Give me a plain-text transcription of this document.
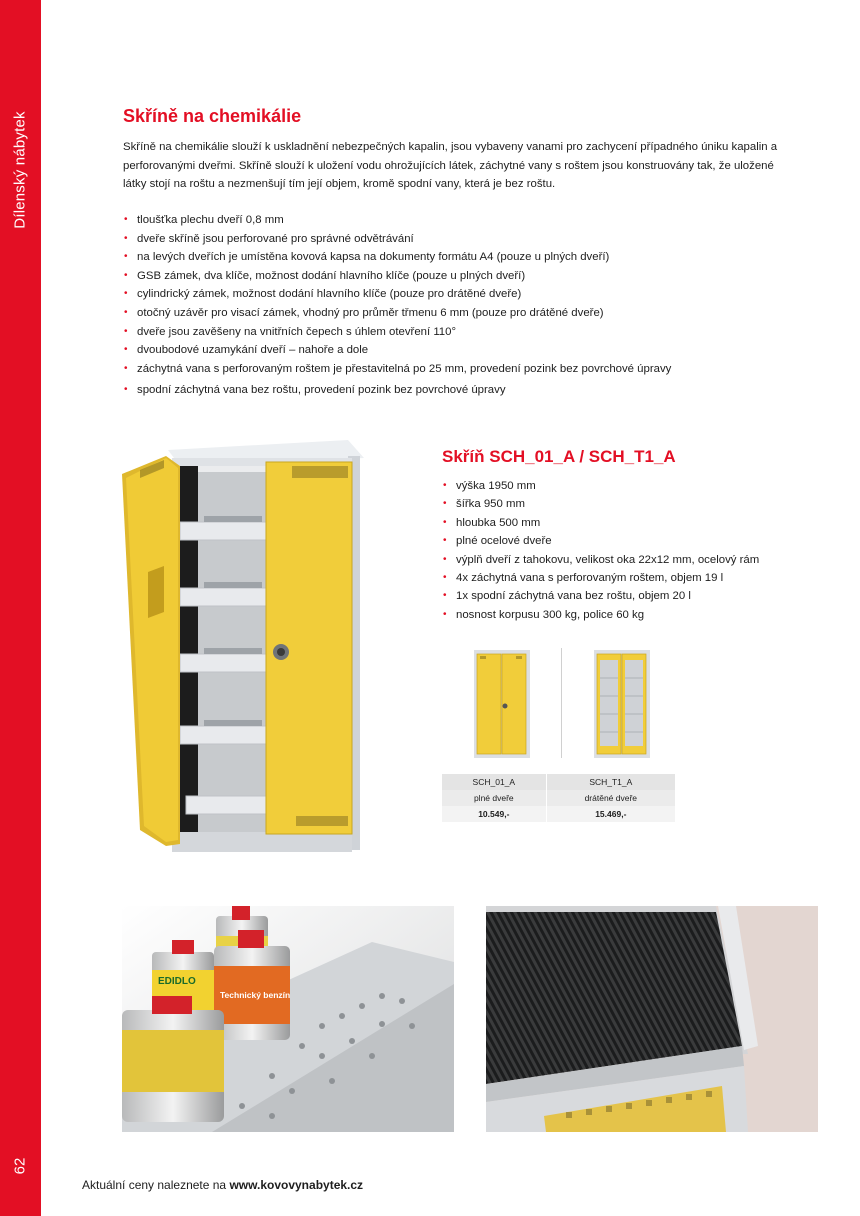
Dílenský nábytek
62
Skříně na chemikálie
Skříně na chemikálie slouží k uskladnění nebezpečných kapalin, jsou vybaveny vanami pro zachycení případného úniku kapalin a perforovanými dveřmi. Skříně slouží k uložení vodu ohrožujících látek, záchytné vany s roštem jsou konstruovány tak, že uložené látky stojí na roštu a nezmenšují tím její objem, kromě spodní vany, která je bez roštu.
• tloušťka plechu dveří 0,8 mm
• dveře skříně jsou perforované pro správné odvětrávání
• na levých dveřích je umístěna kovová kapsa na dokumenty formátu A4 (pouze u plných dveří)
• GSB zámek, dva klíče, možnost dodání hlavního klíče (pouze u plných dveří)
• cylindrický zámek, možnost dodání hlavního klíče (pouze pro drátěné dveře)
• otočný uzávěr pro visací zámek, vhodný pro průměr třmenu 6 mm (pouze pro drátěné dveře)
• dveře jsou zavěšeny na vnitřních čepech s úhlem otevření 110°
• dvoubodové uzamykání dveří – nahoře a dole
• záchytná vana s perforovaným roštem je přestavitelná po 25 mm, provedení pozink bez povrchové úpravy
• spodní záchytná vana bez roštu, provedení pozink bez povrchové úpravy
Skříň SCH_01_A / SCH_T1_A
• výška 1950 mm
• šířka 950 mm
• hloubka 500 mm
• plné ocelové dveře
• výplň dveří z tahokovu, velikost oka 22x12 mm, ocelový rám
• 4x záchytná vana s perforovaným roštem, objem 19 l
• 1x spodní záchytná vana bez roštu, objem 20 l
• nosnost korpusu 300 kg, police 60 kg
SCH_01_A	SCH_T1_A
plné dveře	drátěné dveře
10.549,-	15.469,-
EDIDLO
Technický benzín
Aktuální ceny naleznete na www.kovovynabytek.cz
